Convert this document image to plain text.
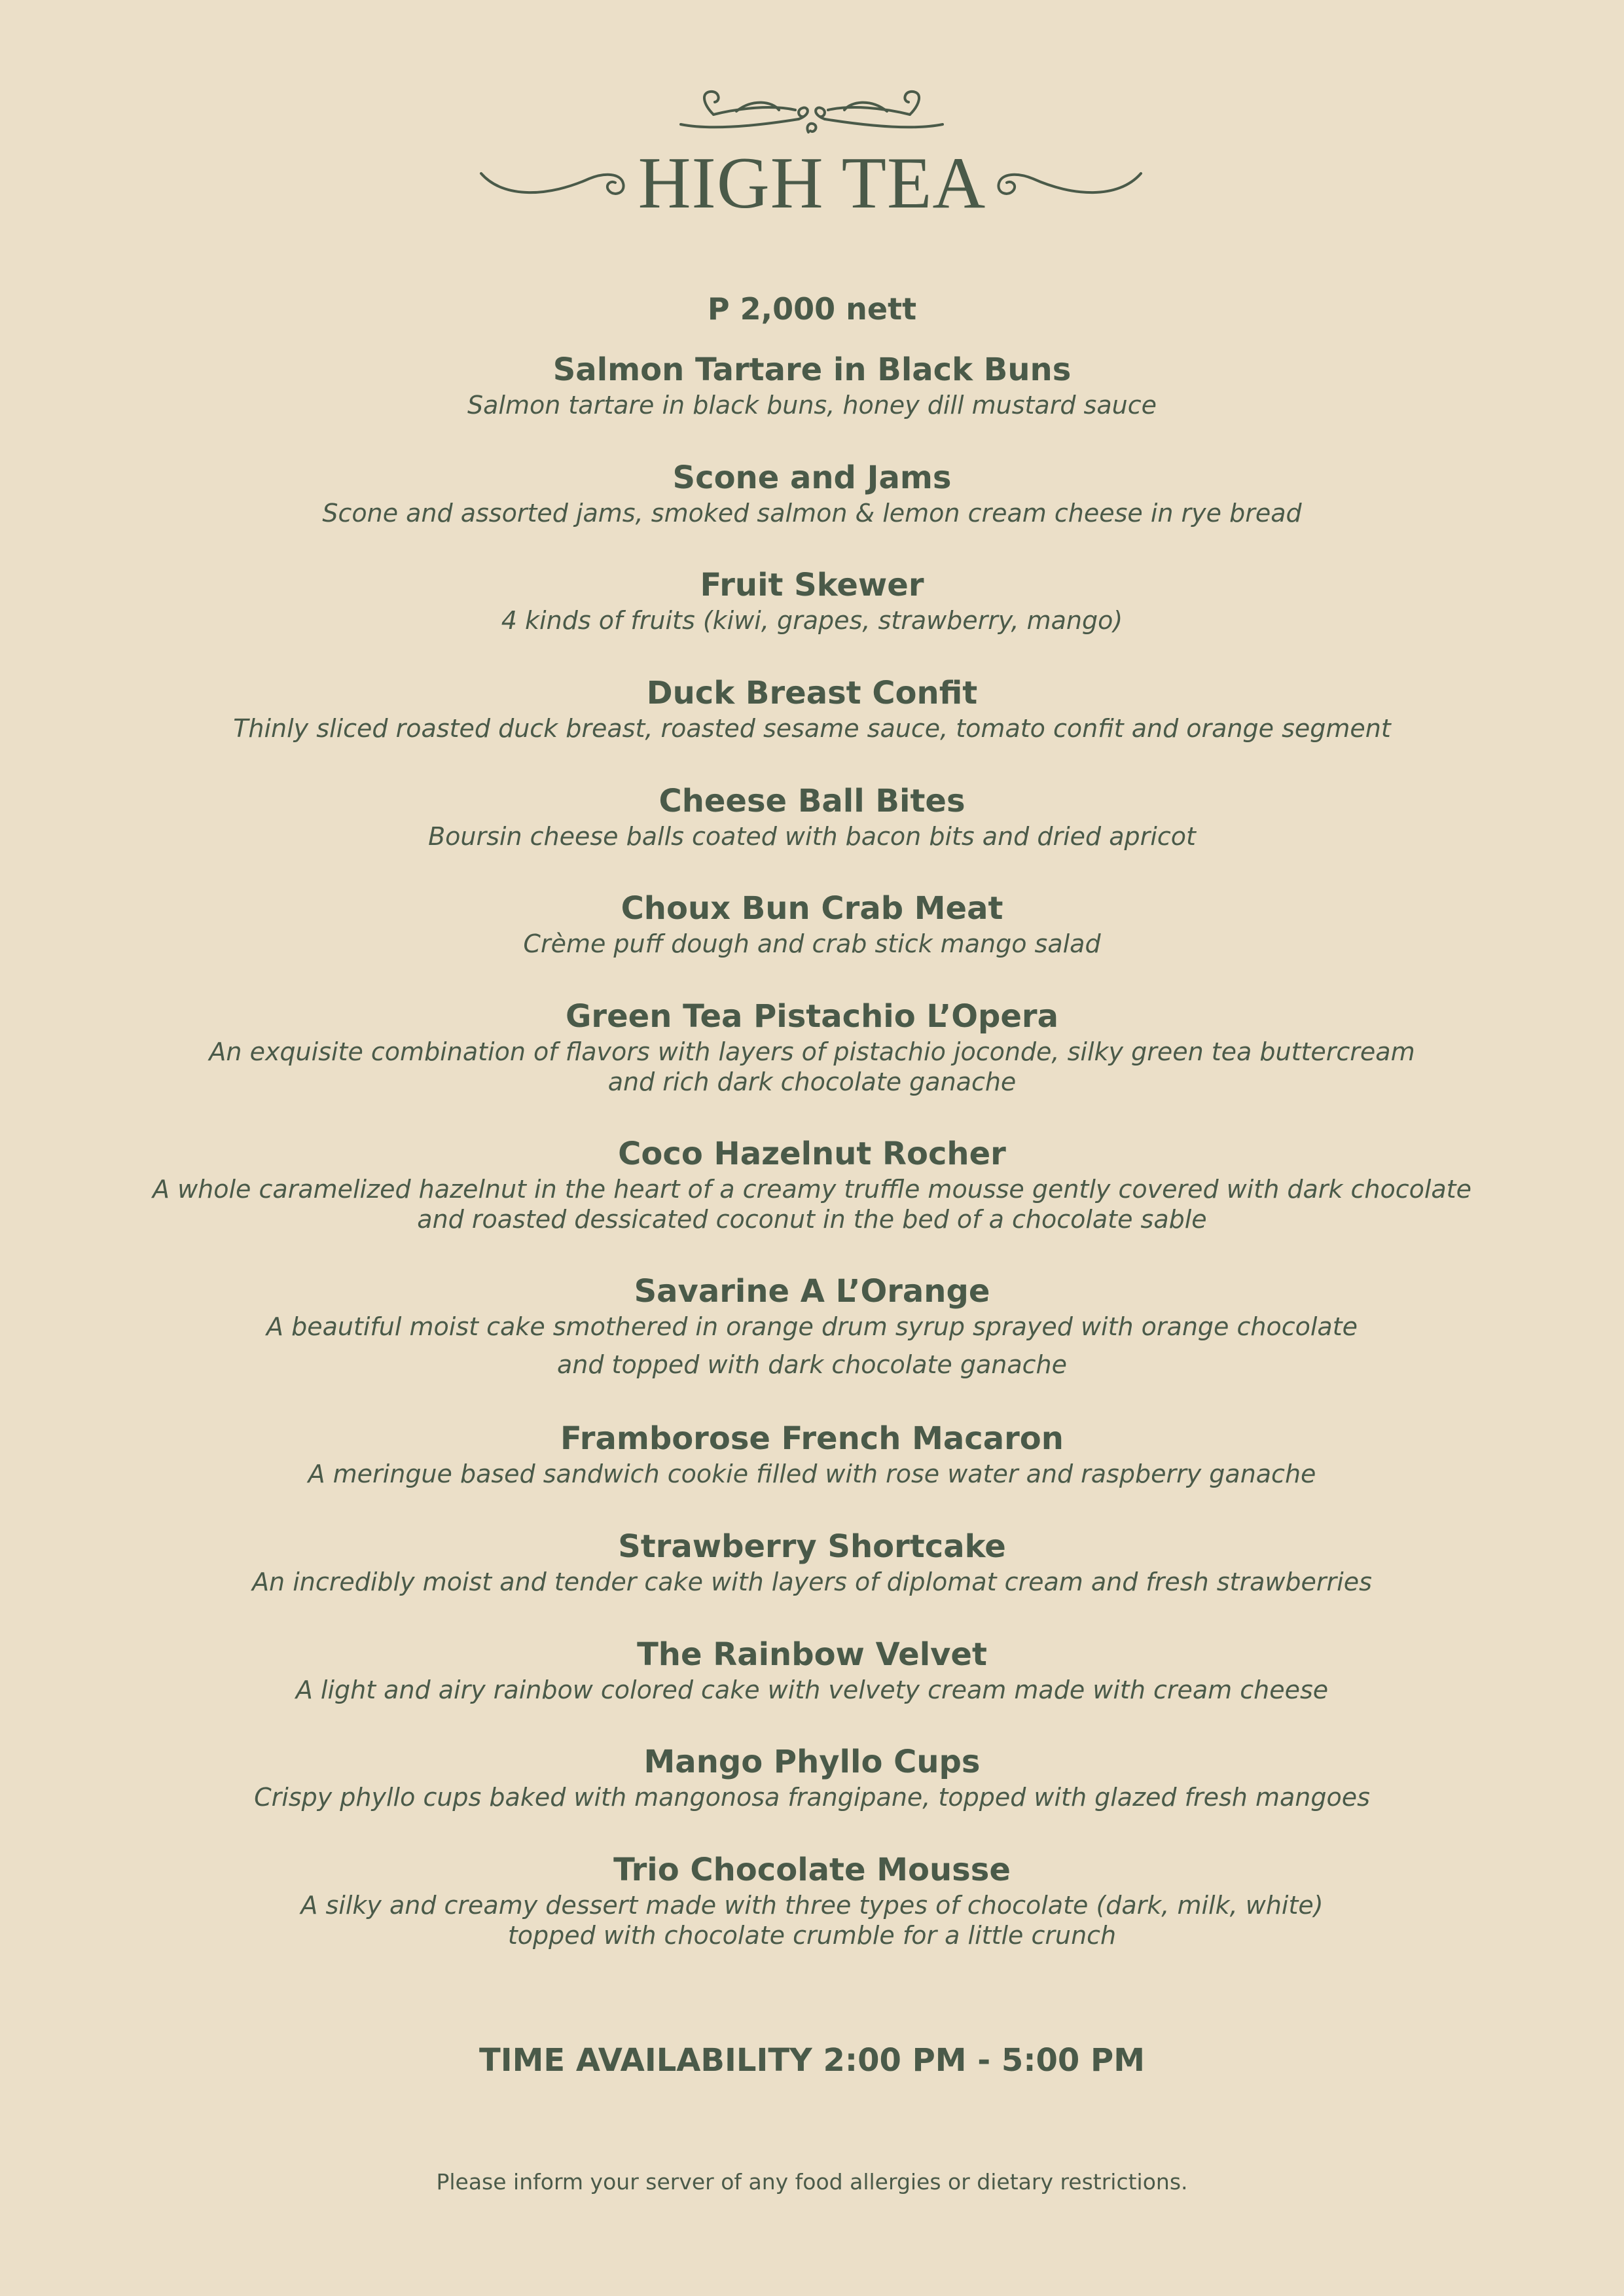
HIGH TEA
P 2,000 nett
Salmon Tartare in Black Buns
Salmon tartare in black buns, honey dill mustard sauce
Scone and Jams
Scone and assorted jams, smoked salmon & lemon cream cheese in rye bread
Fruit Skewer
4 kinds of fruits (kiwi, grapes, strawberry, mango)
Duck Breast Confit
Thinly sliced roasted duck breast, roasted sesame sauce, tomato confit and orange segment
Cheese Ball Bites
Boursin cheese balls coated with bacon bits and dried apricot
Choux Bun Crab Meat
Crème puff dough and crab stick mango salad
Green Tea Pistachio L’Opera
An exquisite combination of flavors with layers of pistachio joconde, silky green tea buttercream
and rich dark chocolate ganache
Coco Hazelnut Rocher
A whole caramelized hazelnut in the heart of a creamy truffle mousse gently covered with dark chocolate
and roasted dessicated coconut in the bed of a chocolate sable
Savarine A L’Orange
A beautiful moist cake smothered in orange drum syrup sprayed with orange chocolate
and topped with dark chocolate ganache
Framborose French Macaron
A meringue based sandwich cookie filled with rose water and raspberry ganache
Strawberry Shortcake
An incredibly moist and tender cake with layers of diplomat cream and fresh strawberries
The Rainbow Velvet
A light and airy rainbow colored cake with velvety cream made with cream cheese
Mango Phyllo Cups
Crispy phyllo cups baked with mangonosa frangipane, topped with glazed fresh mangoes
Trio Chocolate Mousse
A silky and creamy dessert made with three types of chocolate (dark, milk, white)
topped with chocolate crumble for a little crunch
TIME AVAILABILITY 2:00 PM - 5:00 PM
Please inform your server of any food allergies or dietary restrictions.
